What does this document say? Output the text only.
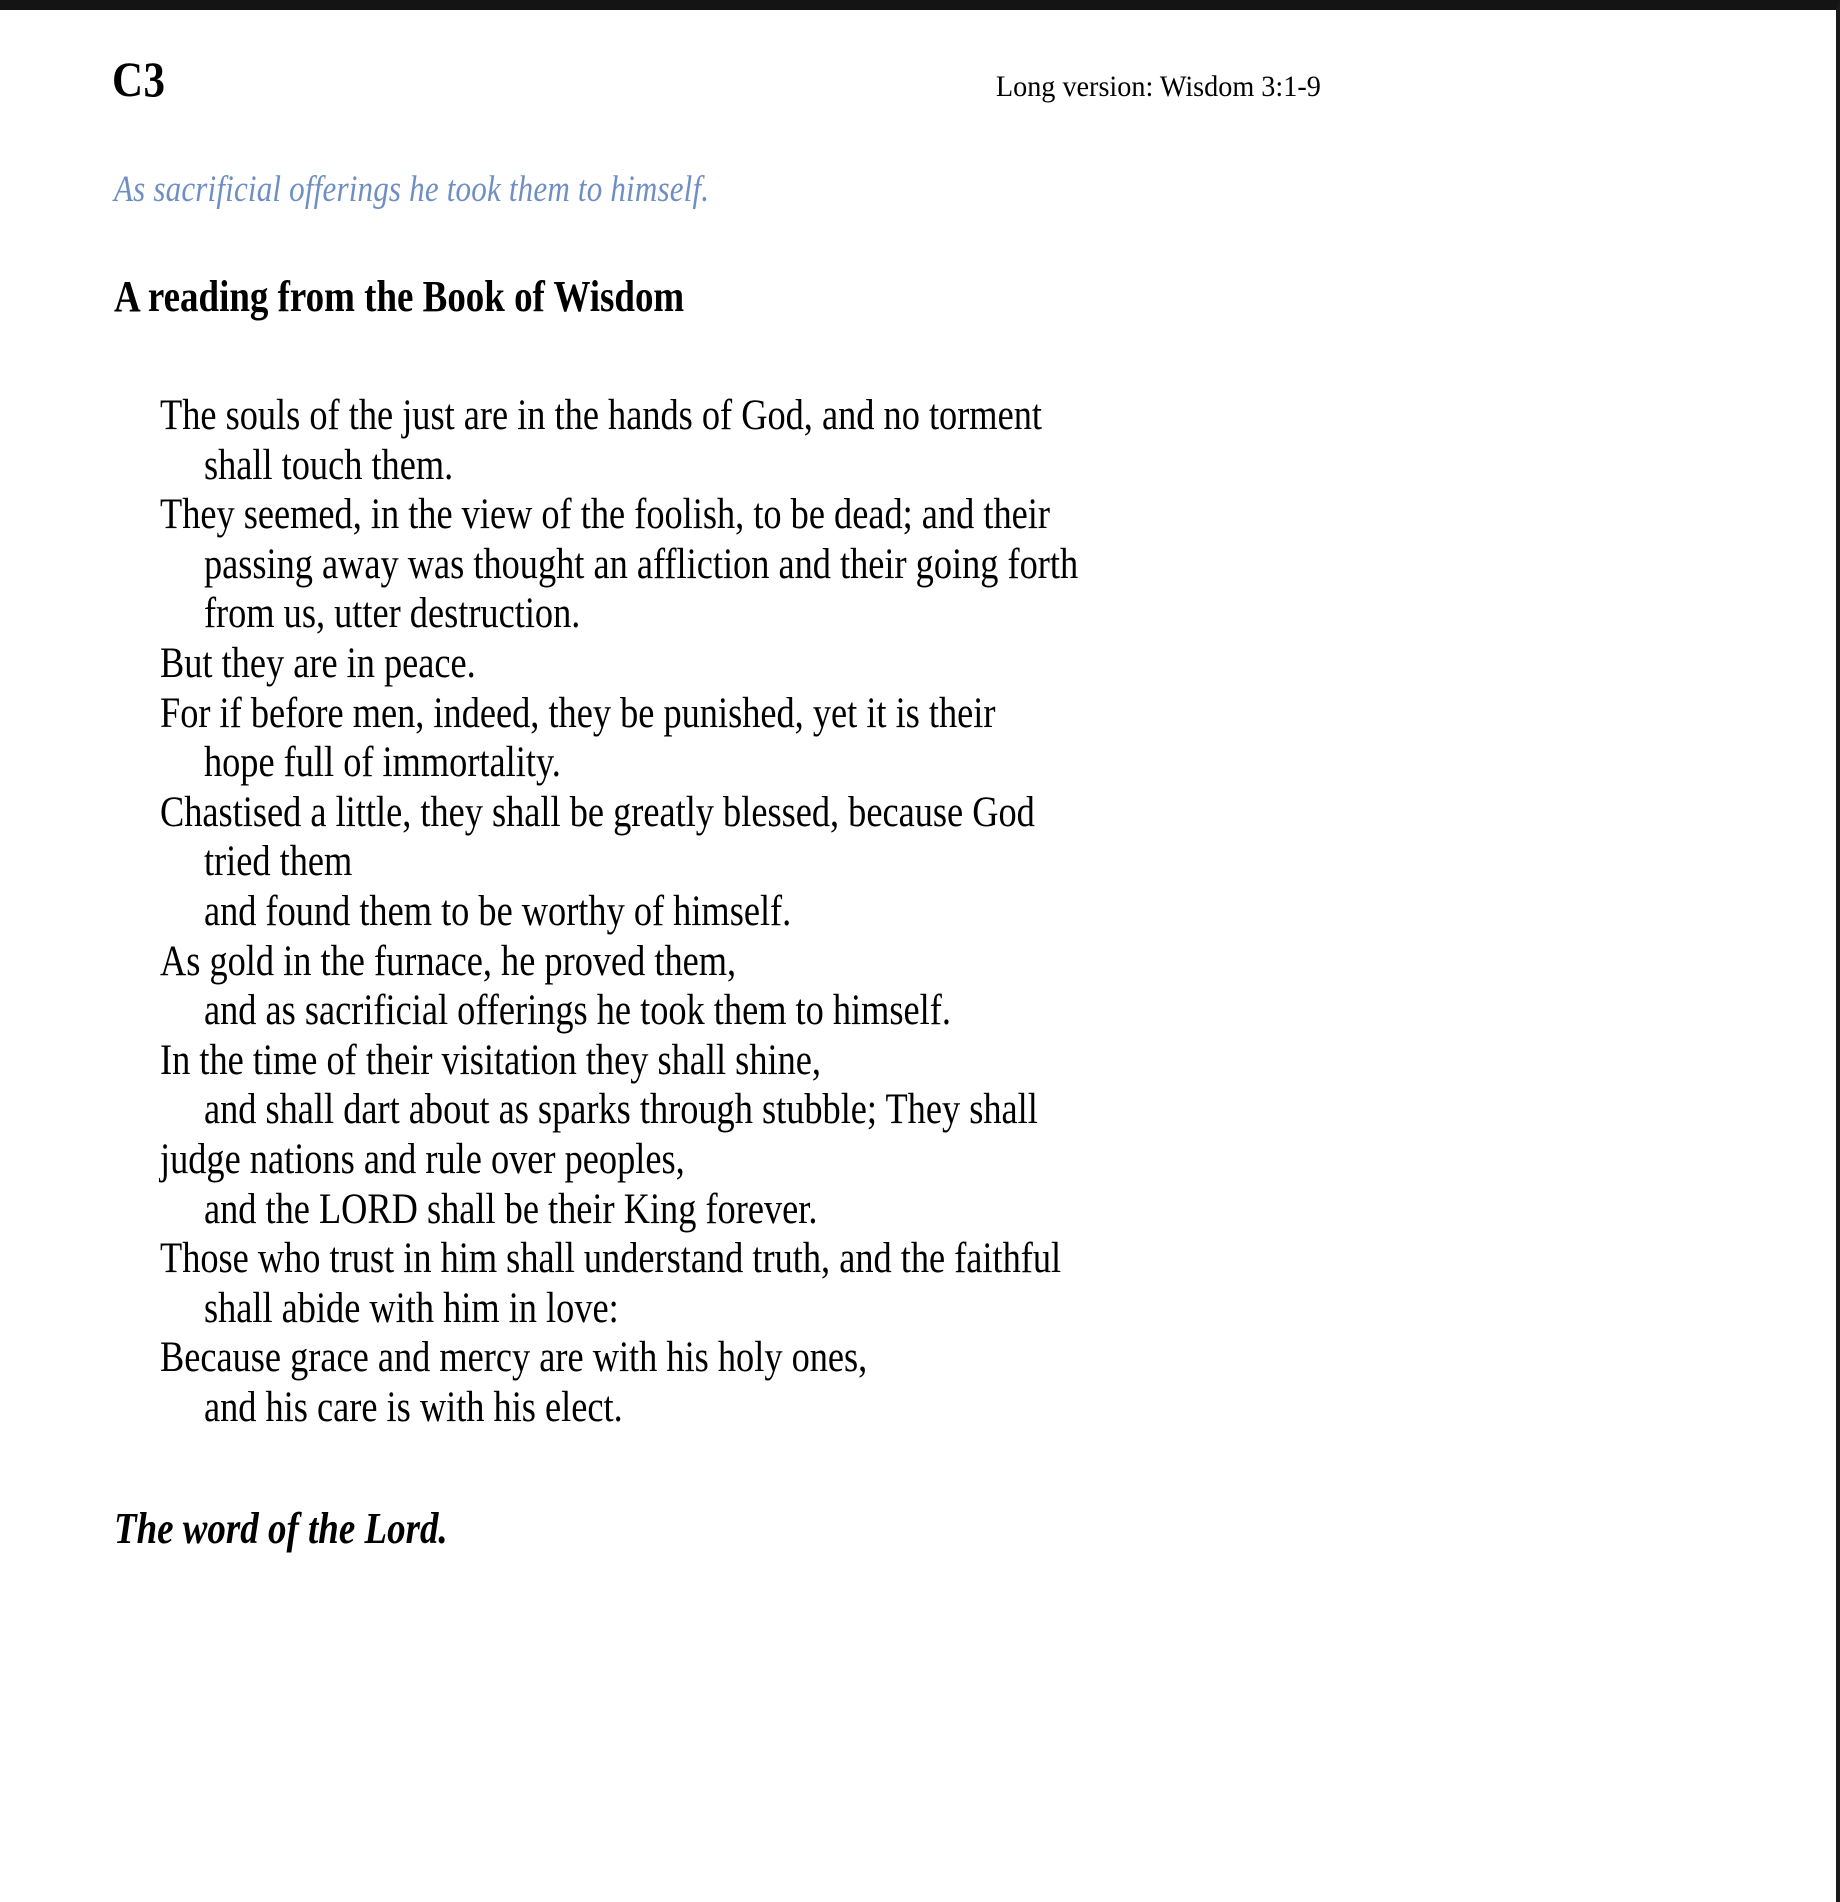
C3	Long version: Wisdom 3:1-9
As sacrificial offerings he took them to himself.
A reading from the Book of Wisdom
The souls of the just are in the hands of God, and no torment
shall touch them.
They seemed, in the view of the foolish, to be dead; and their
passing away was thought an affliction and their going forth
from us, utter destruction.
But they are in peace.
For if before men, indeed, they be punished, yet it is their
hope full of immortality.
Chastised a little, they shall be greatly blessed, because God
tried them
and found them to be worthy of himself.
As gold in the furnace, he proved them,
and as sacrificial offerings he took them to himself.
In the time of their visitation they shall shine,
and shall dart about as sparks through stubble; They shall
judge nations and rule over peoples,
and the LORD shall be their King forever.
Those who trust in him shall understand truth, and the faithful
shall abide with him in love:
Because grace and mercy are with his holy ones,
and his care is with his elect.
The word of the Lord.
